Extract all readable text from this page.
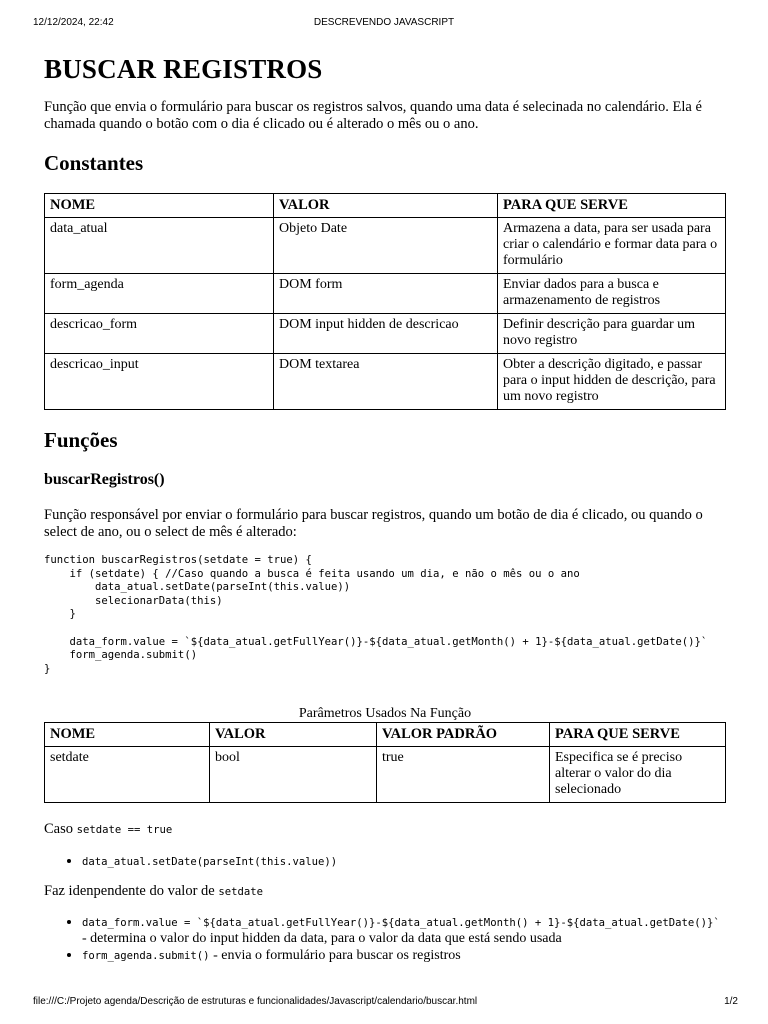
12/12/2024, 22:42	DESCREVENDO JAVASCRIPT
BUSCAR REGISTROS

Função que envia o formulário para buscar os registros salvos, quando uma data é selecinada no calendário. Ela é chamada quando o botão com o dia é clicado ou é alterado o mês ou o ano.

Constantes
NOME	VALOR	PARA QUE SERVE
data_atual	Objeto Date	Armazena a data, para ser usada para criar o calendário e formar data para o formulário
form_agenda	DOM form	Enviar dados para a busca e armazenamento de registros
descricao_form	DOM input hidden de descricao	Definir descrição para guardar um novo registro
descricao_input	DOM textarea	Obter a descrição digitado, e passar para o input hidden de descrição, para um novo registro
Funções
buscarRegistros()

Função responsável por enviar o formulário para buscar registros, quando um botão de dia é clicado, ou quando o select de ano, ou o select de mês é alterado:

function buscarRegistros(setdate = true) {
if (setdate) { //Caso quando a busca é feita usando um dia, e não o mês ou o ano
data_atual.setDate(parseInt(this.value))
selecionarData(this)
}

data_form.value = `${data_atual.getFullYear()}-${data_atual.getMonth() + 1}-${data_atual.getDate()}`
form_agenda.submit()
}
Parâmetros Usados Na Função
NOME	VALOR	VALOR PADRÃO	PARA QUE SERVE
setdate	bool	true	Especifica se é preciso alterar o valor do dia selecionado

Caso setdate == true

• data_atual.setDate(parseInt(this.value))

Faz idenpendente do valor de setdate

• data_form.value = `${data_atual.getFullYear()}-${data_atual.getMonth() + 1}-${data_atual.getDate()}` - determina o valor do input hidden da data, para o valor da data que está sendo usada
• form_agenda.submit() - envia o formulário para buscar os registros
file:///C:/Projeto agenda/Descrição de estruturas e funcionalidades/Javascript/calendario/buscar.html	1/2
